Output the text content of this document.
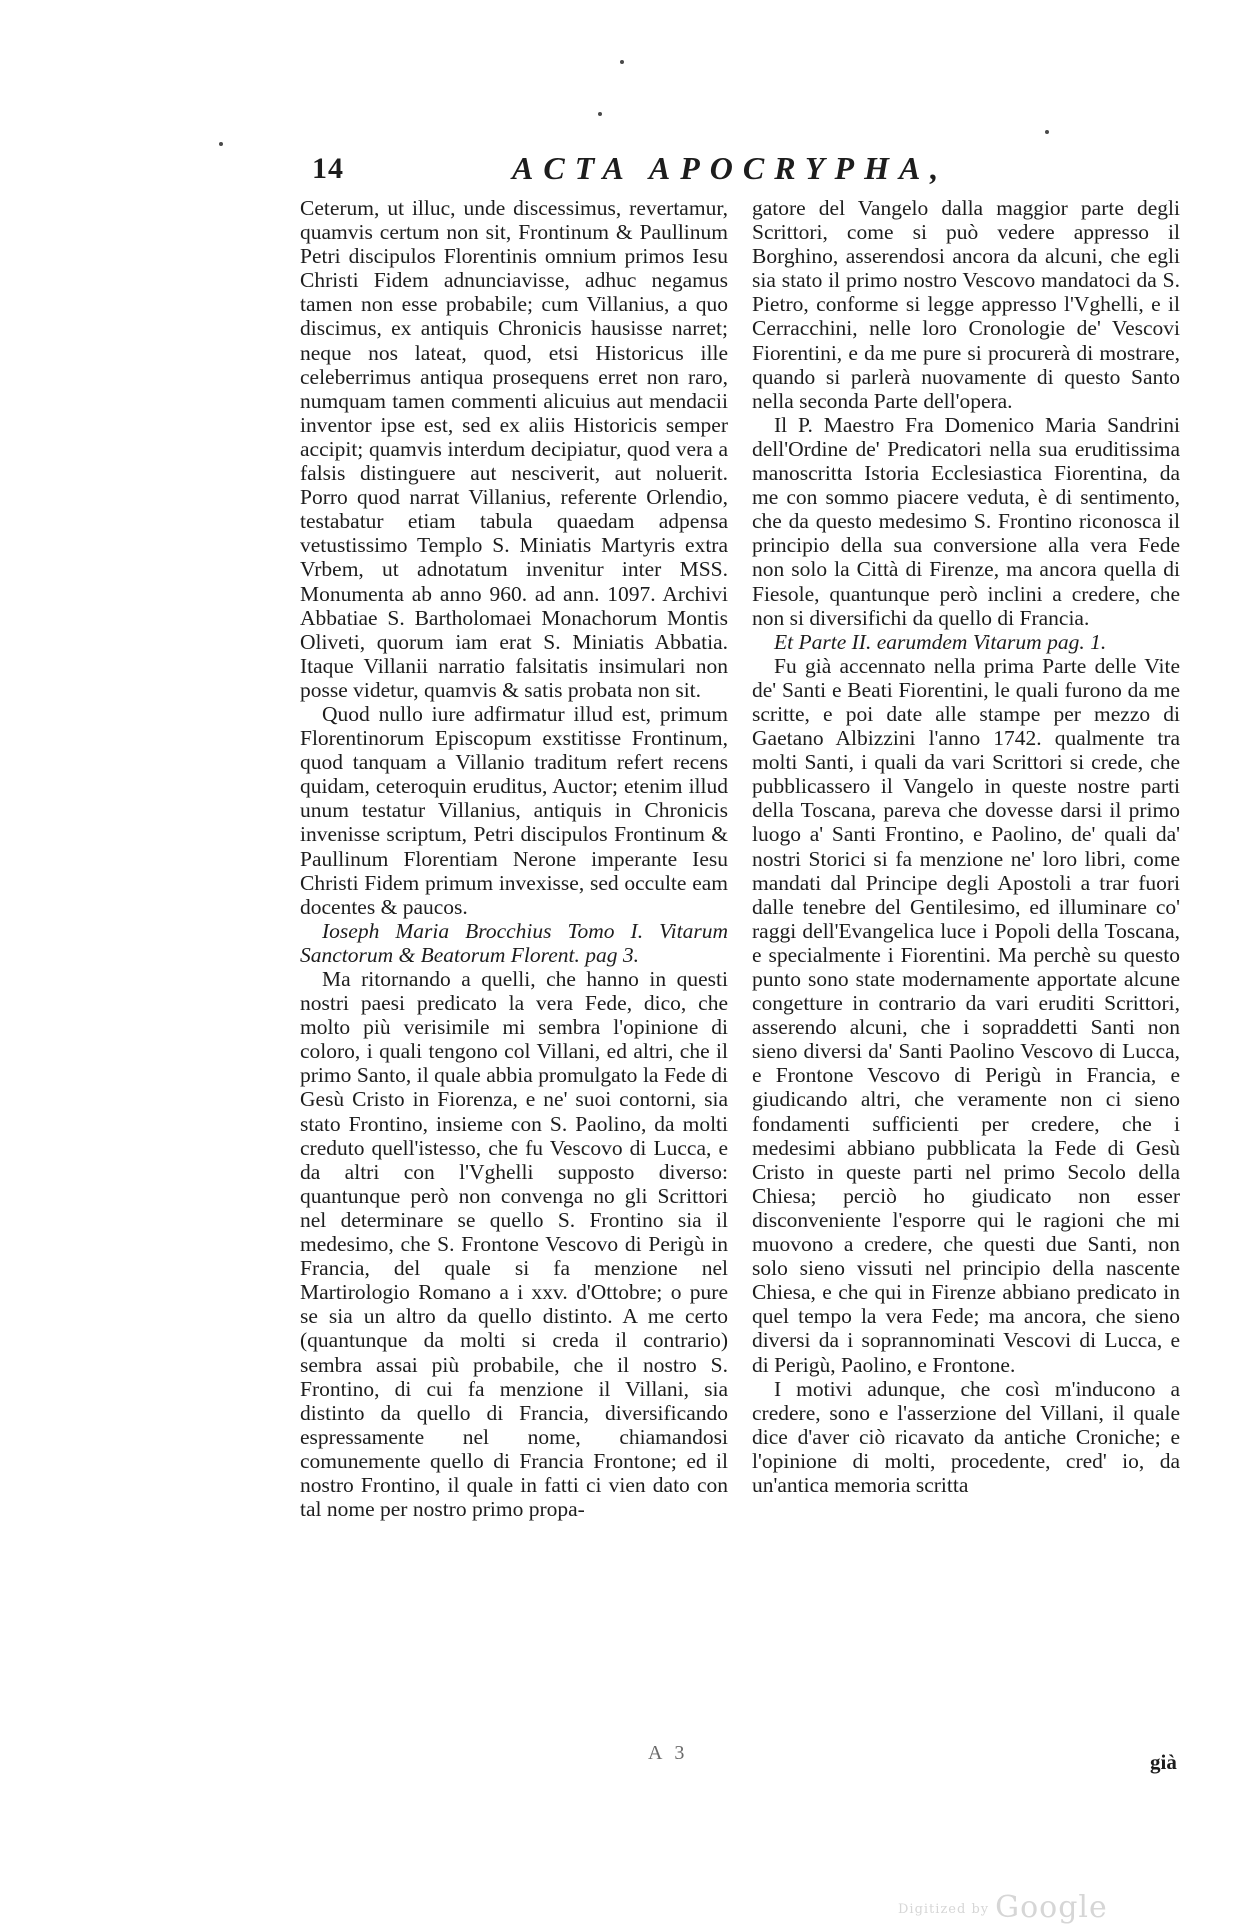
14	ACTA APOCRYPHA,

Ceterum, ut illuc, unde discessimus, revertamur, quamvis certum non sit, Frontinum & Paullinum Petri discipulos Florentinis omnium primos Iesu Christi Fidem adnunciavisse, adhuc negamus tamen non esse probabile; cum Villanius, a quo discimus, ex antiquis Chronicis hausisse narret; neque nos lateat, quod, etsi Historicus ille celeberrimus antiqua prosequens erret non raro, numquam tamen commenti alicuius aut mendacii inventor ipse est, sed ex aliis Historicis semper accipit; quamvis interdum decipiatur, quod vera a falsis distinguere aut nesciverit, aut noluerit. Porro quod narrat Villanius, referente Orlendio, testabatur etiam tabula quaedam adpensa vetustissimo Templo S. Miniatis Martyris extra Vrbem, ut adnotatum invenitur inter MSS. Monumenta ab anno 960. ad ann. 1097. Archivi Abbatiae S. Bartholomaei Monachorum Montis Oliveti, quorum iam erat S. Miniatis Abbatia. Itaque Villanii narratio falsitatis insimulari non posse videtur, quamvis & satis probata non sit.

Quod nullo iure adfirmatur illud est, primum Florentinorum Episcopum exstitisse Frontinum, quod tanquam a Villanio traditum refert recens quidam, ceteroquin eruditus, Auctor; etenim illud unum testatur Villanius, antiquis in Chronicis invenisse scriptum, Petri discipulos Frontinum & Paullinum Florentiam Nerone imperante Iesu Christi Fidem primum invexisse, sed occulte eam docentes & paucos.

Ioseph Maria Brocchius Tomo I. Vitarum Sanctorum & Beatorum Florent. pag 3.

Ma ritornando a quelli, che hanno in questi nostri paesi predicato la vera Fede, dico, che molto più verisimile mi sembra l'opinione di coloro, i quali tengono col Villani, ed altri, che il primo Santo, il quale abbia promulgato la Fede di Gesù Cristo in Fiorenza, e ne' suoi contorni, sia stato Frontino, insieme con S. Paolino, da molti creduto quell'istesso, che fu Vescovo di Lucca, e da altri con l'Vghelli supposto diverso: quantunque però non convenga no gli Scrittori nel determinare se quello S. Frontino sia il medesimo, che S. Frontone Vescovo di Perigù in Francia, del quale si fa menzione nel Martirologio Romano a i xxv. d'Ottobre; o pure se sia un altro da quello distinto. A me certo (quantunque da molti si creda il contrario) sembra assai più probabile, che il nostro S. Frontino, di cui fa menzione il Villani, sia distinto da quello di Francia, diversificando espressamente nel nome, chiamandosi comunemente quello di Francia Frontone; ed il nostro Frontino, il quale in fatti ci vien dato con tal nome per nostro primo propa-

gatore del Vangelo dalla maggior parte degli Scrittori, come si può vedere appresso il Borghino, asserendosi ancora da alcuni, che egli sia stato il primo nostro Vescovo mandatoci da S. Pietro, conforme si legge appresso l'Vghelli, e il Cerracchini, nelle loro Cronologie de' Vescovi Fiorentini, e da me pure si procurerà di mostrare, quando si parlerà nuovamente di questo Santo nella seconda Parte dell'opera.

Il P. Maestro Fra Domenico Maria Sandrini dell'Ordine de' Predicatori nella sua eruditissima manoscritta Istoria Ecclesiastica Fiorentina, da me con sommo piacere veduta, è di sentimento, che da questo medesimo S. Frontino riconosca il principio della sua conversione alla vera Fede non solo la Città di Firenze, ma ancora quella di Fiesole, quantunque però inclini a credere, che non si diversifichi da quello di Francia.

Et Parte II. earumdem Vitarum pag. 1.

Fu già accennato nella prima Parte delle Vite de' Santi e Beati Fiorentini, le quali furono da me scritte, e poi date alle stampe per mezzo di Gaetano Albizzini l'anno 1742. qualmente tra molti Santi, i quali da vari Scrittori si crede, che pubblicassero il Vangelo in queste nostre parti della Toscana, pareva che dovesse darsi il primo luogo a' Santi Frontino, e Paolino, de' quali da' nostri Storici si fa menzione ne' loro libri, come mandati dal Principe degli Apostoli a trar fuori dalle tenebre del Gentilesimo, ed illuminare co' raggi dell'Evangelica luce i Popoli della Toscana, e specialmente i Fiorentini. Ma perchè su questo punto sono state modernamente apportate alcune congetture in contrario da vari eruditi Scrittori, asserendo alcuni, che i sopraddetti Santi non sieno diversi da' Santi Paolino Vescovo di Lucca, e Frontone Vescovo di Perigù in Francia, e giudicando altri, che veramente non ci sieno fondamenti sufficienti per credere, che i medesimi abbiano pubblicata la Fede di Gesù Cristo in queste parti nel primo Secolo della Chiesa; perciò ho giudicato non esser disconveniente l'esporre qui le ragioni che mi muovono a credere, che questi due Santi, non solo sieno vissuti nel principio della nascente Chiesa, e che qui in Firenze abbiano predicato in quel tempo la vera Fede; ma ancora, che sieno diversi da i soprannominati Vescovi di Lucca, e di Perigù, Paolino, e Frontone.

I motivi adunque, che così m'inducono a credere, sono e l'asserzione del Villani, il quale dice d'aver ciò ricavato da antiche Croniche; e l'opinione di molti, procedente, cred' io, da un'antica memoria scritta

A 3	già
Digitized by Google
